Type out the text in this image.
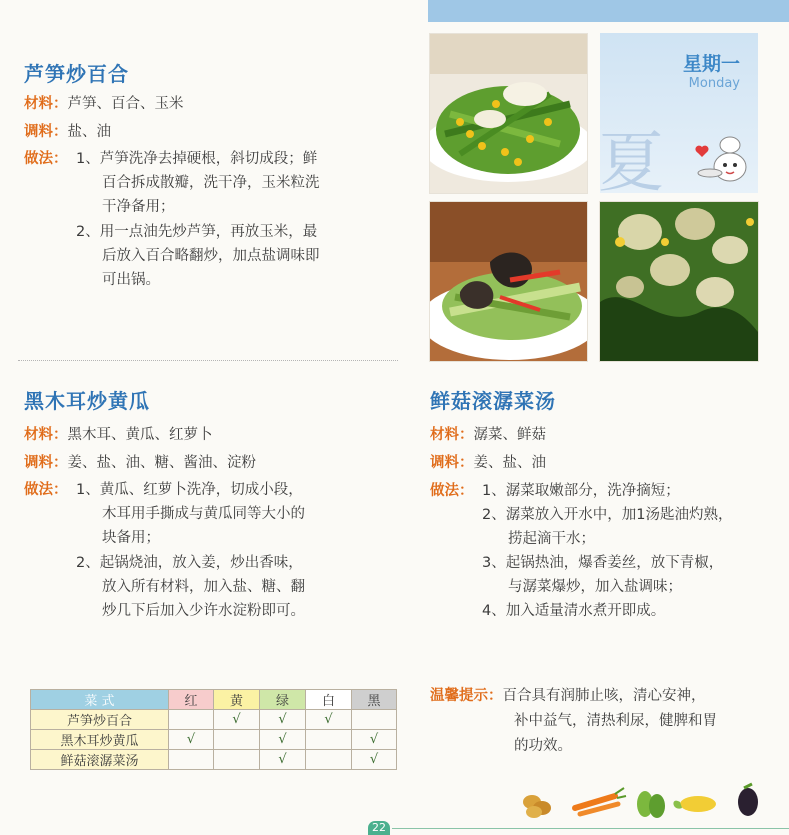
芦笋炒百合
材料：芦笋、百合、玉米
调料：盐、油
做法： 1、芦笋洗净去掉硬根，斜切成段；鲜
百合拆成散瓣，洗干净，玉米粒洗
干净备用；
2、用一点油先炒芦笋，再放玉米，最
后放入百合略翻炒，加点盐调味即
可出锅。
星期一
Monday
夏
黑木耳炒黄瓜
材料：黑木耳、黄瓜、红萝卜
调料：姜、盐、油、糖、酱油、淀粉
做法： 1、黄瓜、红萝卜洗净，切成小段，
木耳用手撕成与黄瓜同等大小的
块备用；
2、起锅烧油，放入姜，炒出香味，
放入所有材料，加入盐、糖、翻
炒几下后加入少许水淀粉即可。
鲜菇滚潺菜汤
材料：潺菜、鲜菇
调料：姜、盐、油
做法： 1、潺菜取嫩部分，洗净摘短；
2、潺菜放入开水中，加1汤匙油灼熟，
捞起滴干水；
3、起锅热油，爆香姜丝，放下青椒，
与潺菜爆炒，加入盐调味；
4、加入适量清水煮开即成。
菜 式	红	黄	绿	白	黑
芦笋炒百合		√	√	√	
黑木耳炒黄瓜	√		√		√
鲜菇滚潺菜汤			√		√
温馨提示：百合具有润肺止咳，清心安神，
补中益气，清热利尿，健脾和胃
的功效。
22
